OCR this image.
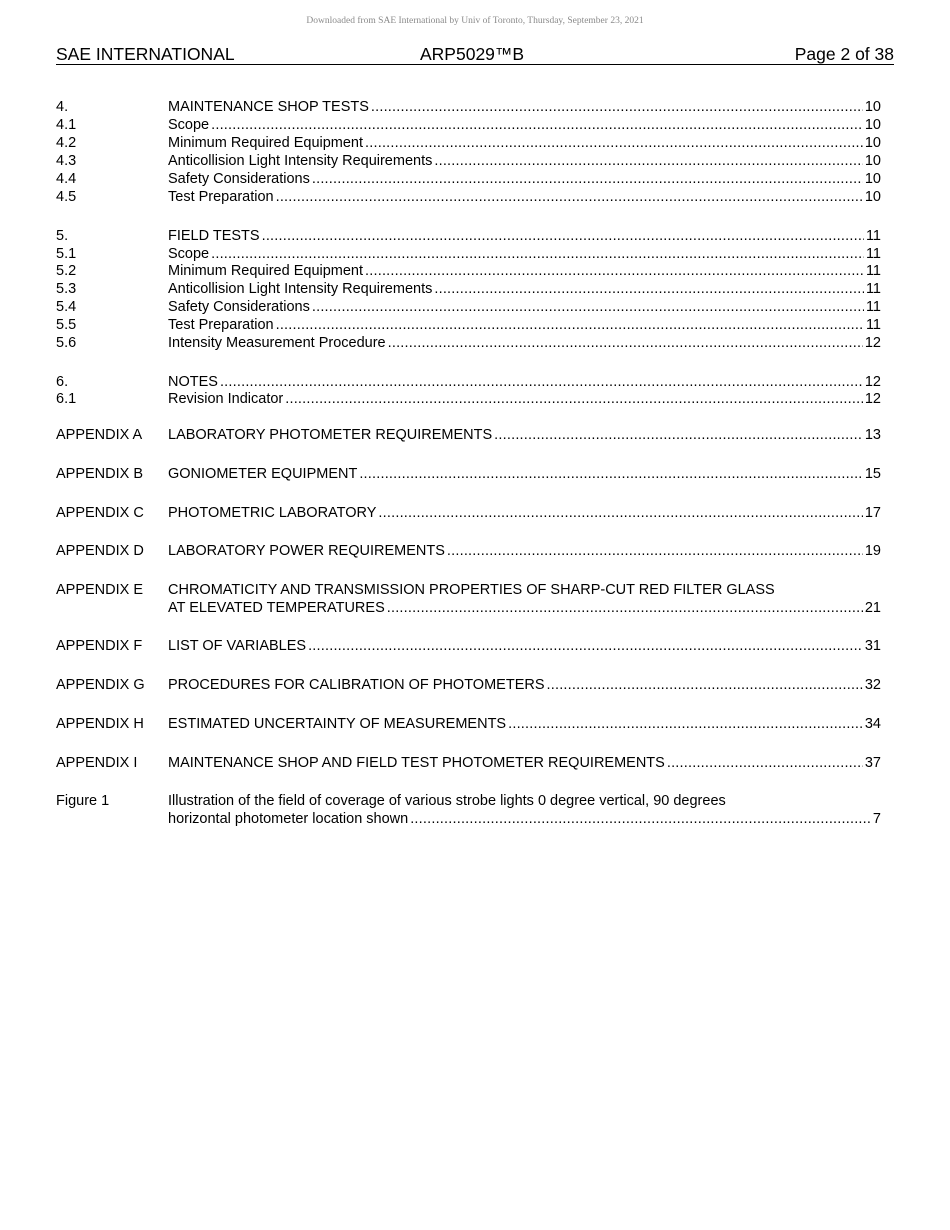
Downloaded from SAE International by Univ of Toronto, Thursday, September 23, 2021
SAE INTERNATIONAL	ARP5029™B	Page 2 of 38
4.	MAINTENANCE SHOP TESTS .....	10
4.1	Scope .....	10
4.2	Minimum Required Equipment .....	10
4.3	Anticollision Light Intensity Requirements .....	10
4.4	Safety Considerations .....	10
4.5	Test Preparation .....	10
5.	FIELD TESTS .....	11
5.1	Scope .....	11
5.2	Minimum Required Equipment .....	11
5.3	Anticollision Light Intensity Requirements .....	11
5.4	Safety Considerations .....	11
5.5	Test Preparation .....	11
5.6	Intensity Measurement Procedure .....	12
6.	NOTES .....	12
6.1	Revision Indicator .....	12
APPENDIX A LABORATORY PHOTOMETER REQUIREMENTS .....	13
APPENDIX B GONIOMETER EQUIPMENT .....	15
APPENDIX C PHOTOMETRIC LABORATORY .....	17
APPENDIX D LABORATORY POWER REQUIREMENTS .....	19
APPENDIX E CHROMATICITY AND TRANSMISSION PROPERTIES OF SHARP-CUT RED FILTER GLASS
AT ELEVATED TEMPERATURES .....	21
APPENDIX F LIST OF VARIABLES .....	31
APPENDIX G PROCEDURES FOR CALIBRATION OF PHOTOMETERS .....	32
APPENDIX H ESTIMATED UNCERTAINTY OF MEASUREMENTS .....	34
APPENDIX I MAINTENANCE SHOP AND FIELD TEST PHOTOMETER REQUIREMENTS .....	37
Figure 1	Illustration of the field of coverage of various strobe lights 0 degree vertical, 90 degrees
horizontal photometer location shown .....	7
